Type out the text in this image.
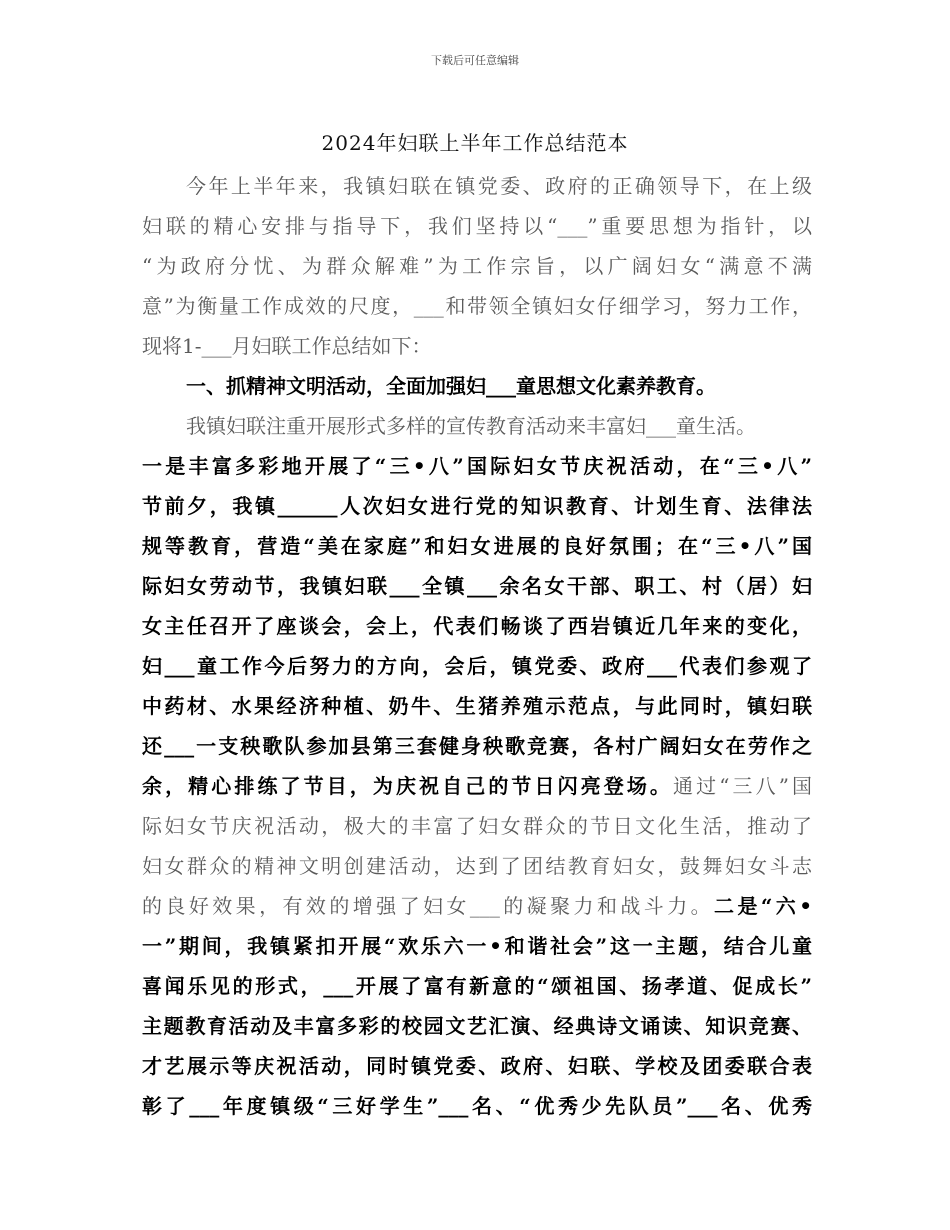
下载后可任意编辑
2024年妇联上半年工作总结范本
今年上半年来，我镇妇联在镇党委、政府的正确领导下，在上级
妇联的精心安排与指导下，我们坚持以“___”重要思想为指针，以
“为政府分忧、为群众解难”为工作宗旨，以广阔妇女“满意不满
意”为衡量工作成效的尺度，___和带领全镇妇女仔细学习，努力工作，
现将1-___月妇联工作总结如下：
一、抓精神文明活动，全面加强妇___童思想文化素养教育。
我镇妇联注重开展形式多样的宣传教育活动来丰富妇___童生活。
一是丰富多彩地开展了“三•八”国际妇女节庆祝活动，在“三•八”
节前夕，我镇______人次妇女进行党的知识教育、计划生育、法律法
规等教育，营造“美在家庭”和妇女进展的良好氛围；在“三•八”国
际妇女劳动节，我镇妇联___全镇___余名女干部、职工、村（居）妇
女主任召开了座谈会，会上，代表们畅谈了西岩镇近几年来的变化，
妇___童工作今后努力的方向，会后，镇党委、政府___代表们参观了
中药材、水果经济种植、奶牛、生猪养殖示范点，与此同时，镇妇联
还___一支秧歌队参加县第三套健身秧歌竞赛，各村广阔妇女在劳作之
余，精心排练了节目，为庆祝自己的节日闪亮登场。通过“三八”国
际妇女节庆祝活动，极大的丰富了妇女群众的节日文化生活，推动了
妇女群众的精神文明创建活动，达到了团结教育妇女，鼓舞妇女斗志
的良好效果，有效的增强了妇女___的凝聚力和战斗力。二是“六•
一”期间，我镇紧扣开展“欢乐六一•和谐社会”这一主题，结合儿童
喜闻乐见的形式，___开展了富有新意的“颂祖国、扬孝道、促成长”
主题教育活动及丰富多彩的校园文艺汇演、经典诗文诵读、知识竞赛、
才艺展示等庆祝活动，同时镇党委、政府、妇联、学校及团委联合表
彰了___年度镇级“三好学生”___名、“优秀少先队员”___名、优秀
